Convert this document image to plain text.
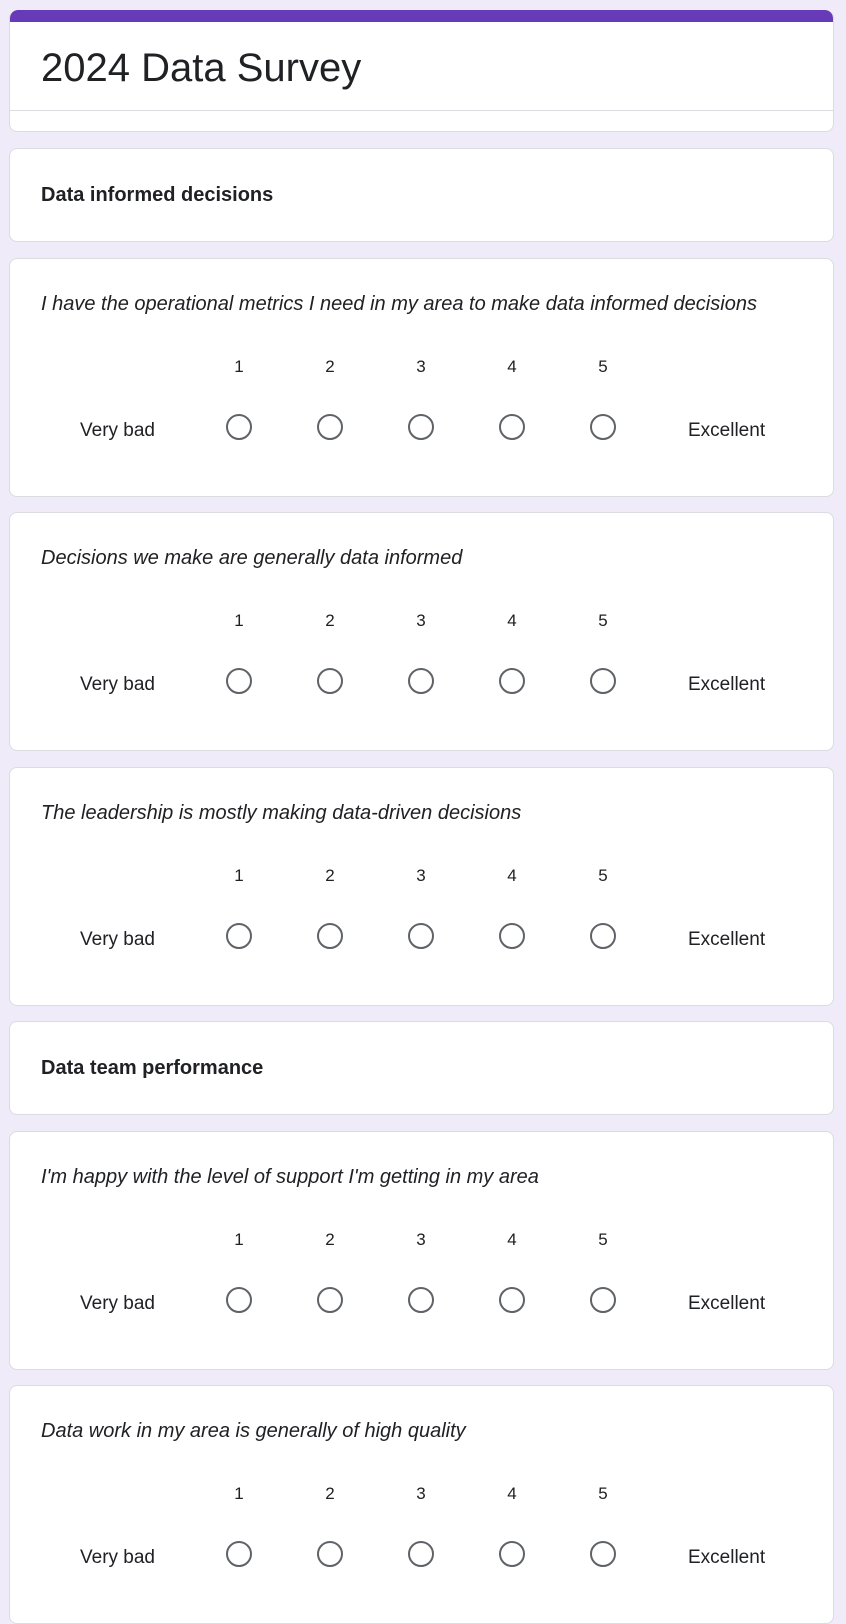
2024 Data Survey
Data informed decisions
I have the operational metrics I need in my area to make data informed decisions
1	2	3	4	5
Very bad	Excellent
Decisions we make are generally data informed
1	2	3	4	5
Very bad	Excellent
The leadership is mostly making data-driven decisions
1	2	3	4	5
Very bad	Excellent
Data team performance
I'm happy with the level of support I'm getting in my area
1	2	3	4	5
Very bad	Excellent
Data work in my area is generally of high quality
1	2	3	4	5
Very bad	Excellent
